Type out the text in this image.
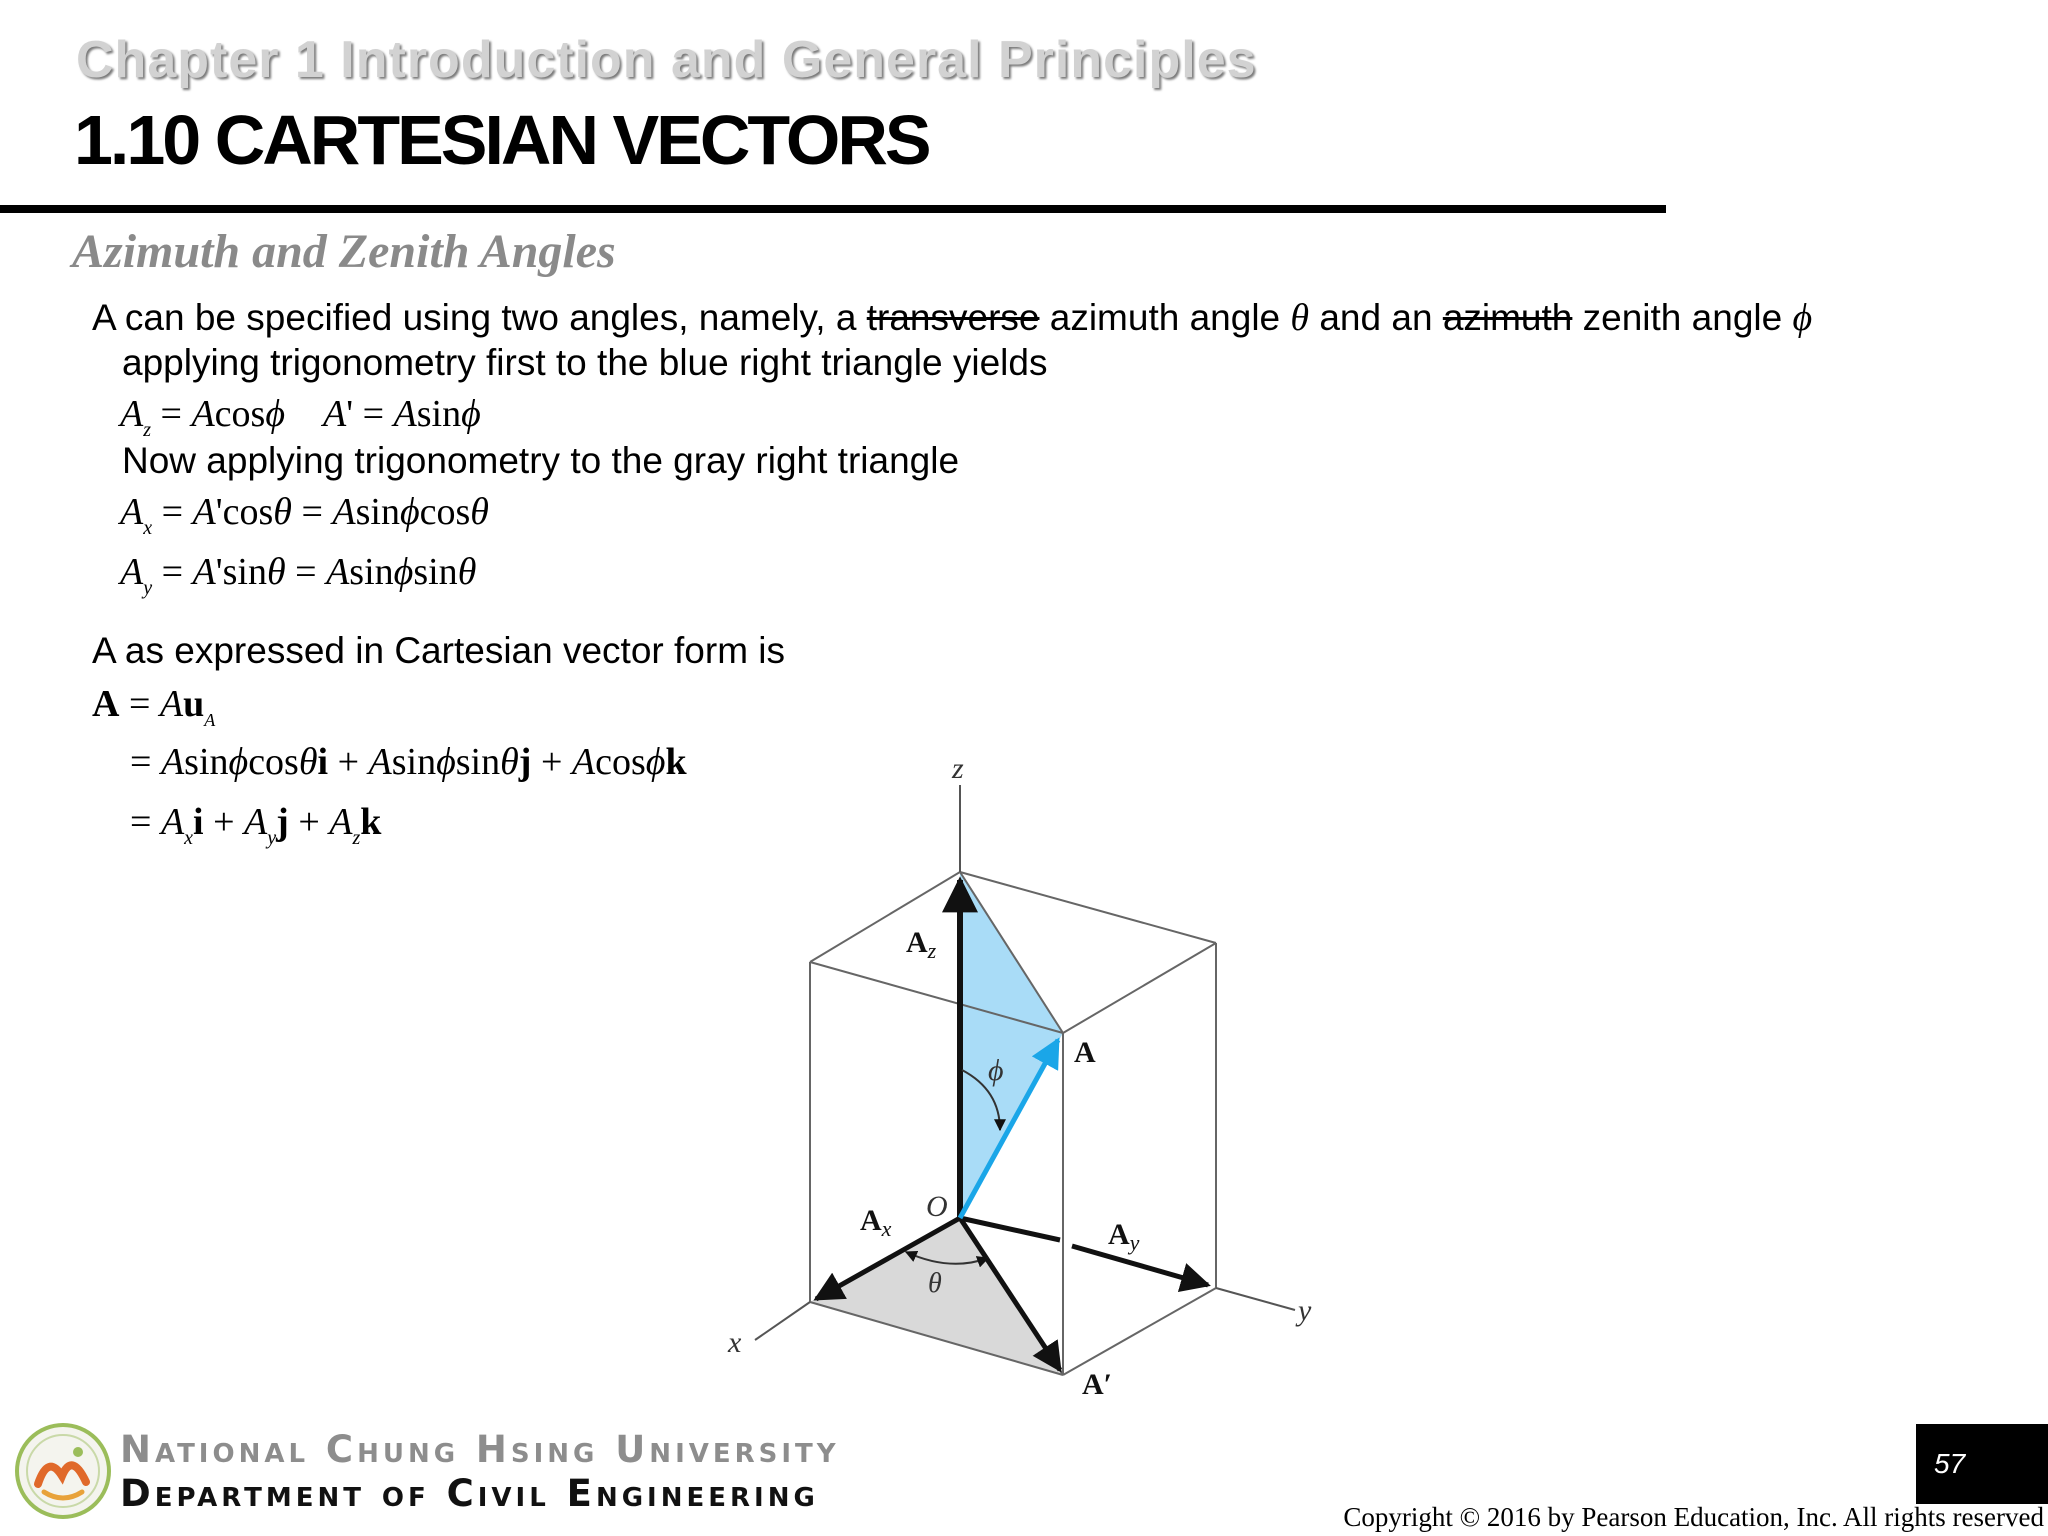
Chapter 1 Introduction and General Principles
1.10 CARTESIAN VECTORS
Azimuth and Zenith Angles
A can be specified using two angles, namely, a transverse azimuth angle θ and an azimuth zenith angle ϕ
applying trigonometry first to the blue right triangle yields
$A_z = Acos\phi$ A' = Asinϕ
Now applying trigonometry to the gray right triangle
$A_x = A'\cos\theta = Asin\phi\cos\theta$
$A_y = A'\sin\theta = Asin\phi\sin\theta$
A as expressed in Cartesian vector form is
$A = Au_A$
= Asinϕcosθi + Asinϕsinθj + Acosϕk
= $A_xi + A_yj + A_zk$
z
x
y
O
ϕ
θ
A
$A_z$
$A_x$	$A_y$
A′
National Chung Hsing University
Department of Civil Engineering
57
Copyright © 2016 by Pearson Education, Inc. All rights reserved
